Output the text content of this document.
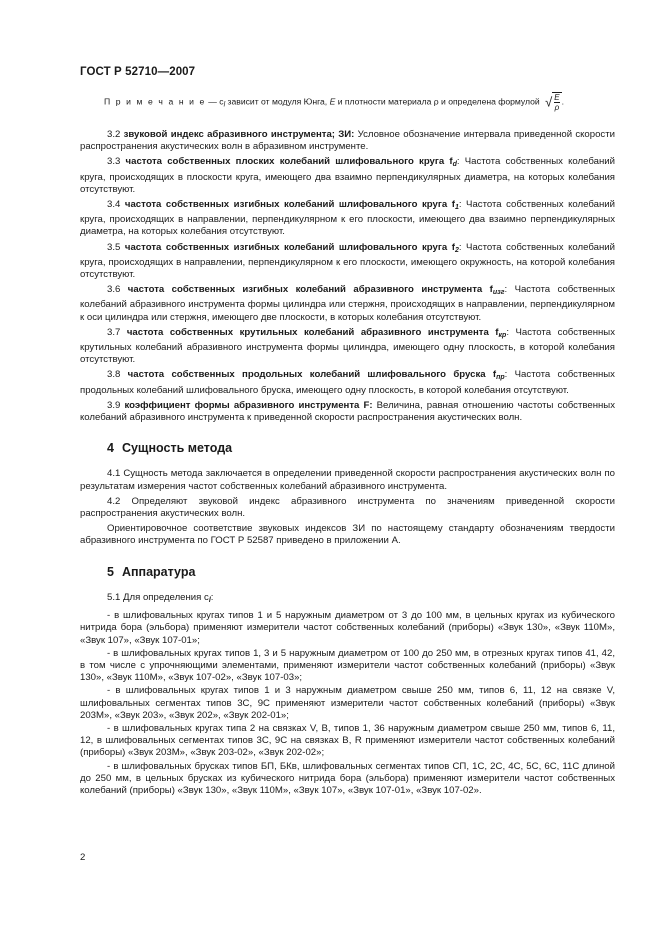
ГОСТ Р 52710—2007
П р и м е ч а н и е — $c_l$ зависит от модуля Юнга, E и плотности материала ρ и определена формулой √ $\frac{E}{\rho}$.

3.2 звуковой индекс абразивного инструмента; ЗИ: Условное обозначение интервала приведенной скорости распространения акустических волн в абразивном инструменте.

3.3 частота собственных плоских колебаний шлифовального круга $f_d$: Частота собственных колебаний круга, происходящих в плоскости круга, имеющего два взаимно перпендикулярных диаметра, на которых колебания отсутствуют.

3.4 частота собственных изгибных колебаний шлифовального круга $f_1$: Частота собственных колебаний круга, происходящих в направлении, перпендикулярном к его плоскости, имеющего два взаимно перпендикулярных диаметра, на которых колебания отсутствуют.

3.5 частота собственных изгибных колебаний шлифовального круга $f_2$: Частота собственных колебаний круга, происходящих в направлении, перпендикулярном к его плоскости, имеющего окружность, на которой колебания отсутствуют.

3.6 частота собственных изгибных колебаний абразивного инструмента $f_{изг}$: Частота собственных колебаний абразивного инструмента формы цилиндра или стержня, происходящих в направлении, перпендикулярном к оси цилиндра или стержня, имеющего две плоскости, в которых колебания отсутствуют.

3.7 частота собственных крутильных колебаний абразивного инструмента $f_{кр}$: Частота собственных крутильных колебаний абразивного инструмента формы цилиндра, имеющего одну плоскость, в которой колебания отсутствуют.

3.8 частота собственных продольных колебаний шлифовального бруска $f_{пр}$: Частота собственных продольных колебаний шлифовального бруска, имеющего одну плоскость, в которой колебания отсутствуют.

3.9 коэффициент формы абразивного инструмента F: Величина, равная отношению частоты собственных колебаний абразивного инструмента к приведенной скорости распространения акустических волн.

4 Сущность метода

4.1 Сущность метода заключается в определении приведенной скорости распространения акустических волн по результатам измерения частот собственных колебаний абразивного инструмента.

4.2 Определяют звуковой индекс абразивного инструмента по значениям приведенной скорости распространения акустических волн.

Ориентировочное соответствие звуковых индексов ЗИ по настоящему стандарту обозначениям твердости абразивного инструмента по ГОСТ Р 52587 приведено в приложении А.

5 Аппаратура

5.1 Для определения $c_l$:

- в шлифовальных кругах типов 1 и 5 наружным диаметром от 3 до 100 мм, в цельных кругах из кубического нитрида бора (эльбора) применяют измерители частот собственных колебаний (приборы) «Звук 130», «Звук 110М», «Звук 107», «Звук 107-01»;

- в шлифовальных кругах типов 1, 3 и 5 наружным диаметром от 100 до 250 мм, в отрезных кругах типов 41, 42, в том числе с упрочняющими элементами, применяют измерители частот собственных колебаний (приборы) «Звук 130», «Звук 110М», «Звук 107-02», «Звук 107-03»;

- в шлифовальных кругах типов 1 и 3 наружным диаметром свыше 250 мм, типов 6, 11, 12 на связке V, шлифовальных сегментах типов 3С, 9С применяют измерители частот собственных колебаний (приборы) «Звук 203М», «Звук 203», «Звук 202», «Звук 202-01»;

- в шлифовальных кругах типа 2 на связках V, B, типов 1, 36 наружным диаметром свыше 250 мм, типов 6, 11, 12, в шлифовальных сегментах типов 3С, 9С на связках B, R применяют измерители частот собственных колебаний (приборы) «Звук 203М», «Звук 203-02», «Звук 202-02»;

- в шлифовальных брусках типов БП, БКв, шлифовальных сегментах типов СП, 1С, 2С, 4С, 5С, 6С, 11С длиной до 250 мм, в цельных брусках из кубического нитрида бора (эльбора) применяют измерители частот собственных колебаний (приборы) «Звук 130», «Звук 110М», «Звук 107», «Звук 107-01», «Звук 107-02».

2
